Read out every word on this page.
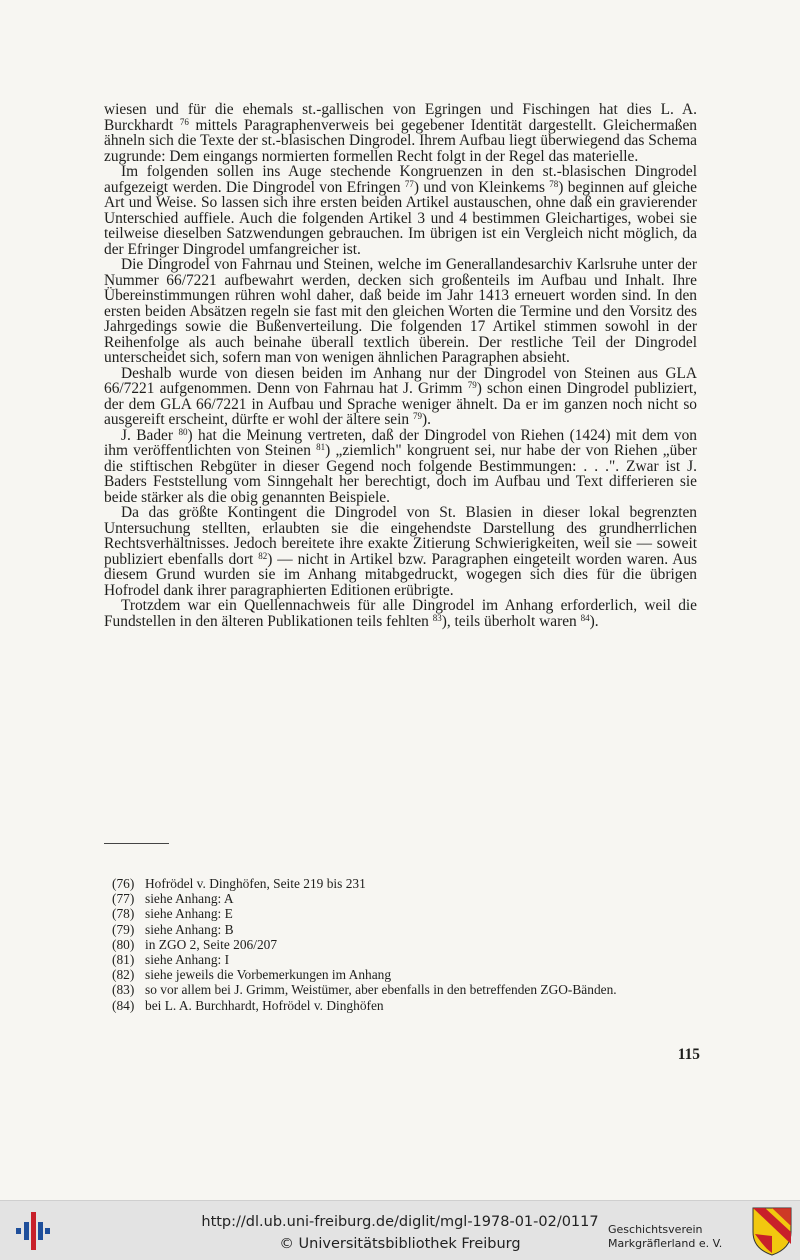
wiesen und für die ehemals st.-gallischen von Egringen und Fischingen hat dies L. A. Burckhardt $^{76}$ mittels Paragraphenverweis bei gegebener Identität dargestellt. Gleichermaßen ähneln sich die Texte der st.-blasischen Dingrodel. Ihrem Aufbau liegt überwiegend das Schema zugrunde: Dem eingangs normierten formellen Recht folgt in der Regel das materielle.

Im folgenden sollen ins Auge stechende Kongruenzen in den st.-blasischen Dingrodel aufgezeigt werden. Die Dingrodel von Efringen $^{77}$) und von Kleinkems $^{78}$) beginnen auf gleiche Art und Weise. So lassen sich ihre ersten beiden Artikel austauschen, ohne daß ein gravierender Unterschied auffiele. Auch die folgenden Artikel 3 und 4 bestimmen Gleichartiges, wobei sie teilweise dieselben Satzwendungen gebrauchen. Im übrigen ist ein Vergleich nicht möglich, da der Efringer Dingrodel umfangreicher ist.

Die Dingrodel von Fahrnau und Steinen, welche im Generallandesarchiv Karlsruhe unter der Nummer 66/7221 aufbewahrt werden, decken sich großenteils im Aufbau und Inhalt. Ihre Übereinstimmungen rühren wohl daher, daß beide im Jahr 1413 erneuert worden sind. In den ersten beiden Absätzen regeln sie fast mit den gleichen Worten die Termine und den Vorsitz des Jahrgedings sowie die Bußenverteilung. Die folgenden 17 Artikel stimmen sowohl in der Reihenfolge als auch beinahe überall textlich überein. Der restliche Teil der Dingrodel unterscheidet sich, sofern man von wenigen ähnlichen Paragraphen absieht.

Deshalb wurde von diesen beiden im Anhang nur der Dingrodel von Steinen aus GLA 66/7221 aufgenommen. Denn von Fahrnau hat J. Grimm $^{79}$) schon einen Dingrodel publiziert, der dem GLA 66/7221 in Aufbau und Sprache weniger ähnelt. Da er im ganzen noch nicht so ausgereift erscheint, dürfte er wohl der ältere sein $^{79}$).

J. Bader $^{80}$) hat die Meinung vertreten, daß der Dingrodel von Riehen (1424) mit dem von ihm veröffentlichten von Steinen $^{81}$) „ziemlich" kongruent sei, nur habe der von Riehen „über die stiftischen Rebgüter in dieser Gegend noch folgende Bestimmungen: . . .". Zwar ist J. Baders Feststellung vom Sinngehalt her berechtigt, doch im Aufbau und Text differieren sie beide stärker als die obig genannten Beispiele.

Da das größte Kontingent die Dingrodel von St. Blasien in dieser lokal begrenzten Untersuchung stellten, erlaubten sie die eingehendste Darstellung des grundherrlichen Rechtsverhältnisses. Jedoch bereitete ihre exakte Zitierung Schwierigkeiten, weil sie — soweit publiziert ebenfalls dort $^{82}$) — nicht in Artikel bzw. Paragraphen eingeteilt worden waren. Aus diesem Grund wurden sie im Anhang mitabgedruckt, wogegen sich dies für die übrigen Hofrodel dank ihrer paragraphierten Editionen erübrigte.

Trotzdem war ein Quellennachweis für alle Dingrodel im Anhang erforderlich, weil die Fundstellen in den älteren Publikationen teils fehlten $^{83}$), teils überholt waren $^{84}$).

(76) Hofrödel v. Dinghöfen, Seite 219 bis 231
(77) siehe Anhang: A
(78) siehe Anhang: E
(79) siehe Anhang: B
(80) in ZGO 2, Seite 206/207
(81) siehe Anhang: I
(82) siehe jeweils die Vorbemerkungen im Anhang
(83) so vor allem bei J. Grimm, Weistümer, aber ebenfalls in den betreffenden ZGO-Bänden.
(84) bei L. A. Burchhardt, Hofrödel v. Dinghöfen
115
http://dl.ub.uni-freiburg.de/diglit/mgl-1978-01-02/0117
© Universitätsbibliothek Freiburg
Geschichtsverein
Markgräflerland e. V.
